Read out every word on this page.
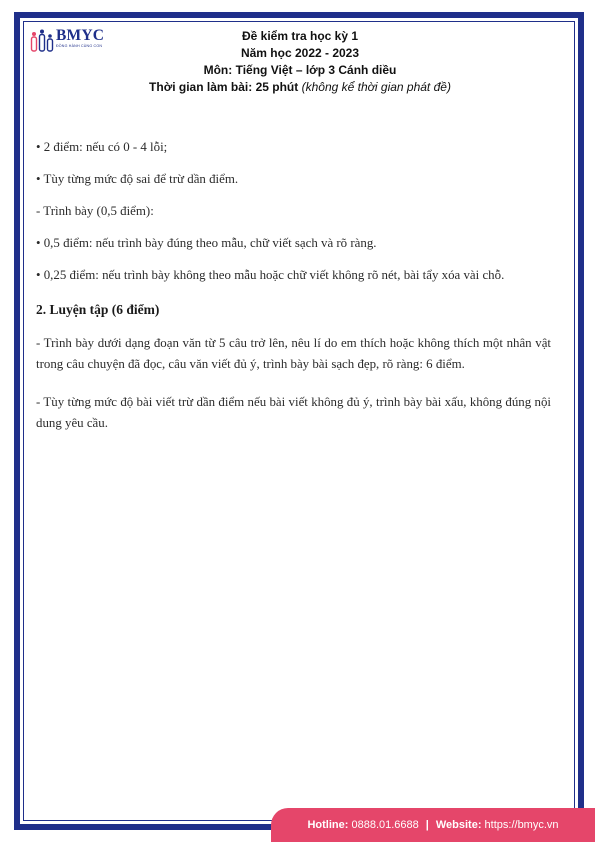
BMYC
ĐỒNG HÀNH CÙNG CON
Đề kiểm tra học kỳ 1
Năm học 2022 - 2023
Môn: Tiếng Việt – lớp 3 Cánh diều
Thời gian làm bài: 25 phút (không kể thời gian phát đề)

• 2 điểm: nếu có 0 - 4 lỗi;

• Tùy từng mức độ sai để trừ dần điểm.

- Trình bày (0,5 điểm):

• 0,5 điểm: nếu trình bày đúng theo mẫu, chữ viết sạch và rõ ràng.

• 0,25 điểm: nếu trình bày không theo mẫu hoặc chữ viết không rõ nét, bài tẩy xóa vài chỗ.

2. Luyện tập (6 điểm)

- Trình bày dưới dạng đoạn văn từ 5 câu trở lên, nêu lí do em thích hoặc không thích một nhân vật trong câu chuyện đã đọc, câu văn viết đủ ý, trình bày bài sạch đẹp, rõ ràng: 6 điểm.

- Tùy từng mức độ bài viết trừ dần điểm nếu bài viết không đủ ý, trình bày bài xấu, không đúng nội dung yêu cầu.

Hotline:
0888.01.6688 | Website:
https://bmyc.vn
